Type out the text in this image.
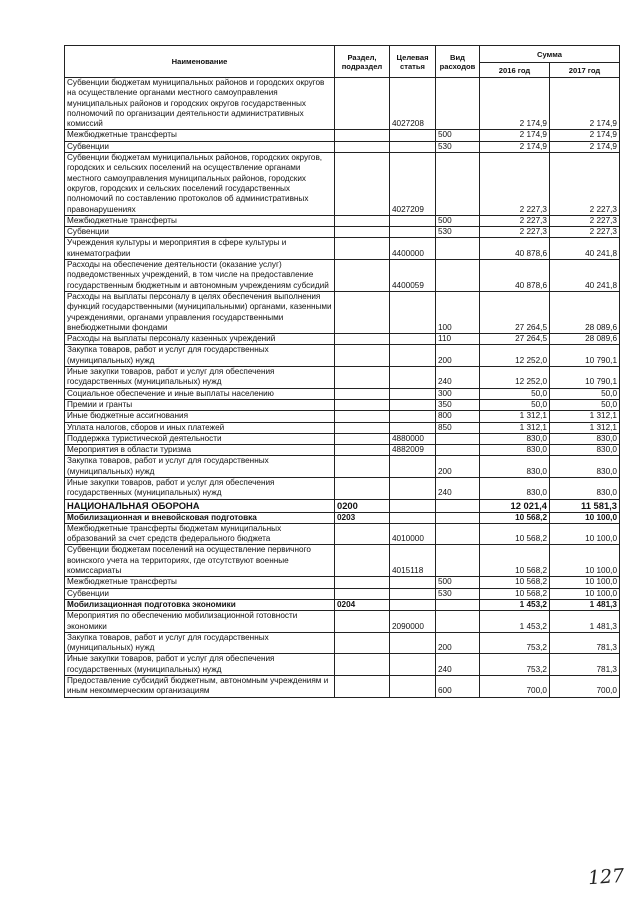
Наименование	Раздел, подраздел	Целевая статья	Вид расходов	Сумма	
				2016 год	2017 год
Субвенции бюджетам муниципальных районов и городских округов на осуществление органами местного самоуправления муниципальных районов и городских округов государственных полномочий по организации деятельности административных комиссий		4027208		2 174,9	2 174,9
Межбюджетные трансферты			500	2 174,9	2 174,9
Субвенции			530	2 174,9	2 174,9
Субвенции бюджетам муниципальных районов, городских округов, городских и сельских поселений на осуществление органами местного самоуправления муниципальных районов, городских округов, городских и сельских поселений государственных полномочий по составлению протоколов об административных правонарушениях		4027209		2 227,3	2 227,3
Межбюджетные трансферты			500	2 227,3	2 227,3
Субвенции			530	2 227,3	2 227,3
Учреждения культуры и мероприятия в сфере культуры и кинематографии		4400000		40 878,6	40 241,8
Расходы на обеспечение деятельности (оказание услуг) подведомственных учреждений, в том числе на предоставление государственным бюджетным и автономным учреждениям субсидий		4400059		40 878,6	40 241,8
Расходы на выплаты персоналу в целях обеспечения выполнения функций государственными (муниципальными) органами, казенными учреждениями, органами управления государственными внебюджетными фондами			100	27 264,5	28 089,6
Расходы на выплаты персоналу казенных учреждений			110	27 264,5	28 089,6
Закупка товаров, работ и услуг для государственных (муниципальных) нужд			200	12 252,0	10 790,1
Иные закупки товаров, работ и услуг для обеспечения государственных (муниципальных) нужд			240	12 252,0	10 790,1
Социальное обеспечение и иные выплаты населению			300	50,0	50,0
Премии и гранты			350	50,0	50,0
Иные бюджетные ассигнования			800	1 312,1	1 312,1
Уплата налогов, сборов и иных платежей			850	1 312,1	1 312,1
Поддержка туристической деятельности		4880000		830,0	830,0
Мероприятия в области туризма		4882009		830,0	830,0
Закупка товаров, работ и услуг для государственных (муниципальных) нужд			200	830,0	830,0
Иные закупки товаров, работ и услуг для обеспечения государственных (муниципальных) нужд			240	830,0	830,0
НАЦИОНАЛЬНАЯ ОБОРОНА	0200			12 021,4	11 581,3
Мобилизационная и вневойсковая подготовка	0203			10 568,2	10 100,0
Межбюджетные трансферты бюджетам муниципальных образований за счет средств федерального бюджета		4010000		10 568,2	10 100,0
Субвенции бюджетам поселений на осуществление первичного воинского учета на территориях, где отсутствуют военные комиссариаты		4015118		10 568,2	10 100,0
Межбюджетные трансферты			500	10 568,2	10 100,0
Субвенции			530	10 568,2	10 100,0
Мобилизационная подготовка экономики	0204			1 453,2	1 481,3
Мероприятия по обеспечению мобилизационной готовности экономики		2090000		1 453,2	1 481,3
Закупка товаров, работ и услуг для государственных (муниципальных) нужд			200	753,2	781,3
Иные закупки товаров, работ и услуг для обеспечения государственных (муниципальных) нужд			240	753,2	781,3
Предоставление субсидий бюджетным, автономным учреждениям и иным некоммерческим организациям			600	700,0	700,0
127
